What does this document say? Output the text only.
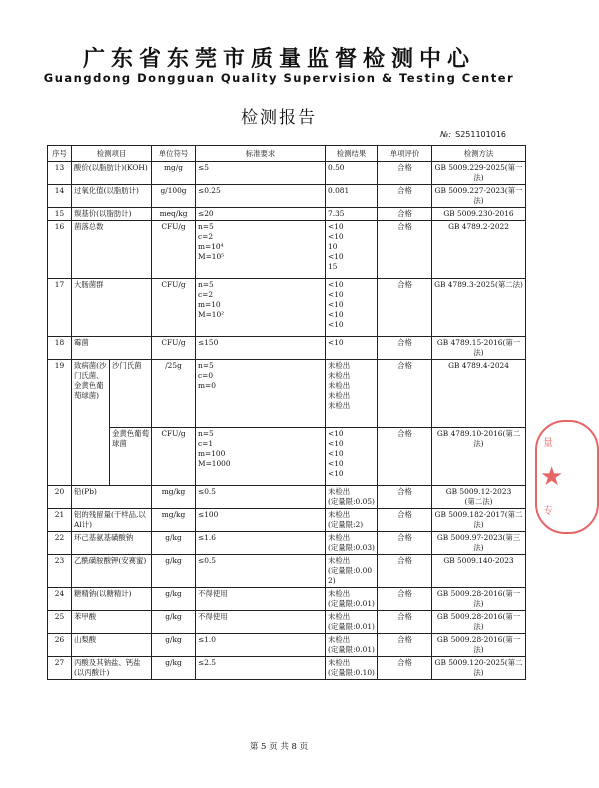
广东省东莞市质量监督检测中心
Guangdong Dongguan Quality Supervision & Testing Center
检测报告
№: S251101016
序号	检测项目		单位符号	标准要求	检测结果	单项评价	检测方法
13	酸价(以脂肪计)(KOH)		mg/g	≤5	0.50	合格	GB 5009.229-2025(第一法)
14	过氧化值(以脂肪计)		g/100g	≤0.25	0.081	合格	GB 5009.227-2023(第一法)
15	羰基价(以脂肪计)		meq/kg	≤20	7.35	合格	GB 5009.230-2016
16	菌落总数		CFU/g	n=5
c=2
m=10⁴
M=10⁵	<10
<10
10
<10
15	合格	GB 4789.2-2022
17	大肠菌群		CFU/g	n=5
c=2
m=10
M=10²	<10
<10
<10
<10
<10	合格	GB 4789.3-2025(第二法)
18	霉菌		CFU/g	≤150	<10	合格	GB 4789.15-2016(第一法)
19	致病菌(沙门氏菌、金黄色葡萄球菌)	沙门氏菌	/25g	n=5
c=0
m=0	未检出
未检出
未检出
未检出
未检出	合格	GB 4789.4-2024
		金黄色葡萄球菌	CFU/g	n=5
c=1
m=100
M=1000	<10
<10
<10
<10
<10	合格	GB 4789.10-2016(第二法)
20	铅(Pb)		mg/kg	≤0.5	未检出
(定量限:0.05)	合格	GB 5009.12-2023
(第二法)
21	铝的残留量(干样品,以Al计)		mg/kg	≤100	未检出
(定量限:2)	合格	GB 5009.182-2017(第二法)
22	环己基氨基磺酸钠		g/kg	≤1.6	未检出
(定量限:0.03)	合格	GB 5009.97-2023(第三法)
23	乙酰磺胺酸钾(安赛蜜)		g/kg	≤0.5	未检出
(定量限:0.002)	合格	GB 5009.140-2023
24	糖精钠(以糖精计)		g/kg	不得使用	未检出
(定量限:0.01)	合格	GB 5009.28-2016(第一法)
25	苯甲酸		g/kg	不得使用	未检出
(定量限:0.01)	合格	GB 5009.28-2016(第一法)
26	山梨酸		g/kg	≤1.0	未检出
(定量限:0.01)	合格	GB 5009.28-2016(第一法)
27	丙酸及其钠盐、钙盐(以丙酸计)		g/kg	≤2.5	未检出
(定量限:0.10)	合格	GB 5009.120-2025(第二法)
量
★
专
第 5 页 共 8 页
